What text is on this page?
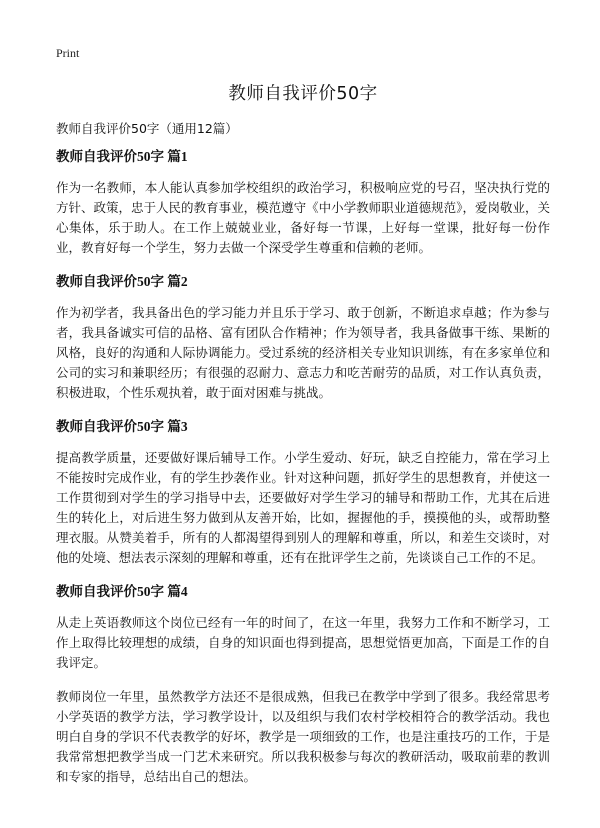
Print
教师自我评价50字
教师自我评价50字（通用12篇）
教师自我评价50字 篇1

作为一名教师，本人能认真参加学校组织的政治学习，积极响应党的号召，坚决执行党的方针、政策，忠于人民的教育事业，模范遵守《中小学教师职业道德规范》，爱岗敬业，关心集体，乐于助人。在工作上兢兢业业，备好每一节课，上好每一堂课，批好每一份作业，教育好每一个学生，努力去做一个深受学生尊重和信赖的老师。

教师自我评价50字 篇2

作为初学者，我具备出色的学习能力并且乐于学习、敢于创新，不断追求卓越；作为参与者，我具备诚实可信的品格、富有团队合作精神；作为领导者，我具备做事干练、果断的风格，良好的沟通和人际协调能力。受过系统的经济相关专业知识训练，有在多家单位和公司的实习和兼职经历；有很强的忍耐力、意志力和吃苦耐劳的品质，对工作认真负责，积极进取，个性乐观执着，敢于面对困难与挑战。

教师自我评价50字 篇3

提高教学质量，还要做好课后辅导工作。小学生爱动、好玩，缺乏自控能力，常在学习上不能按时完成作业，有的学生抄袭作业。针对这种问题，抓好学生的思想教育，并使这一工作贯彻到对学生的学习指导中去，还要做好对学生学习的辅导和帮助工作，尤其在后进生的转化上，对后进生努力做到从友善开始，比如，握握他的手，摸摸他的头，或帮助整理衣服。从赞美着手，所有的人都渴望得到别人的理解和尊重，所以，和差生交谈时，对他的处境、想法表示深刻的理解和尊重，还有在批评学生之前，先谈谈自己工作的不足。

教师自我评价50字 篇4

从走上英语教师这个岗位已经有一年的时间了，在这一年里，我努力工作和不断学习，工作上取得比较理想的成绩，自身的知识面也得到提高，思想觉悟更加高，下面是工作的自我评定。

教师岗位一年里，虽然教学方法还不是很成熟，但我已在教学中学到了很多。我经常思考小学英语的教学方法，学习教学设计，以及组织与我们农村学校相符合的教学活动。我也明白自身的学识不代表教学的好坏，教学是一项细致的工作，也是注重技巧的工作，于是我常常想把教学当成一门艺术来研究。所以我积极参与每次的教研活动，吸取前辈的教训和专家的指导，总结出自己的想法。
